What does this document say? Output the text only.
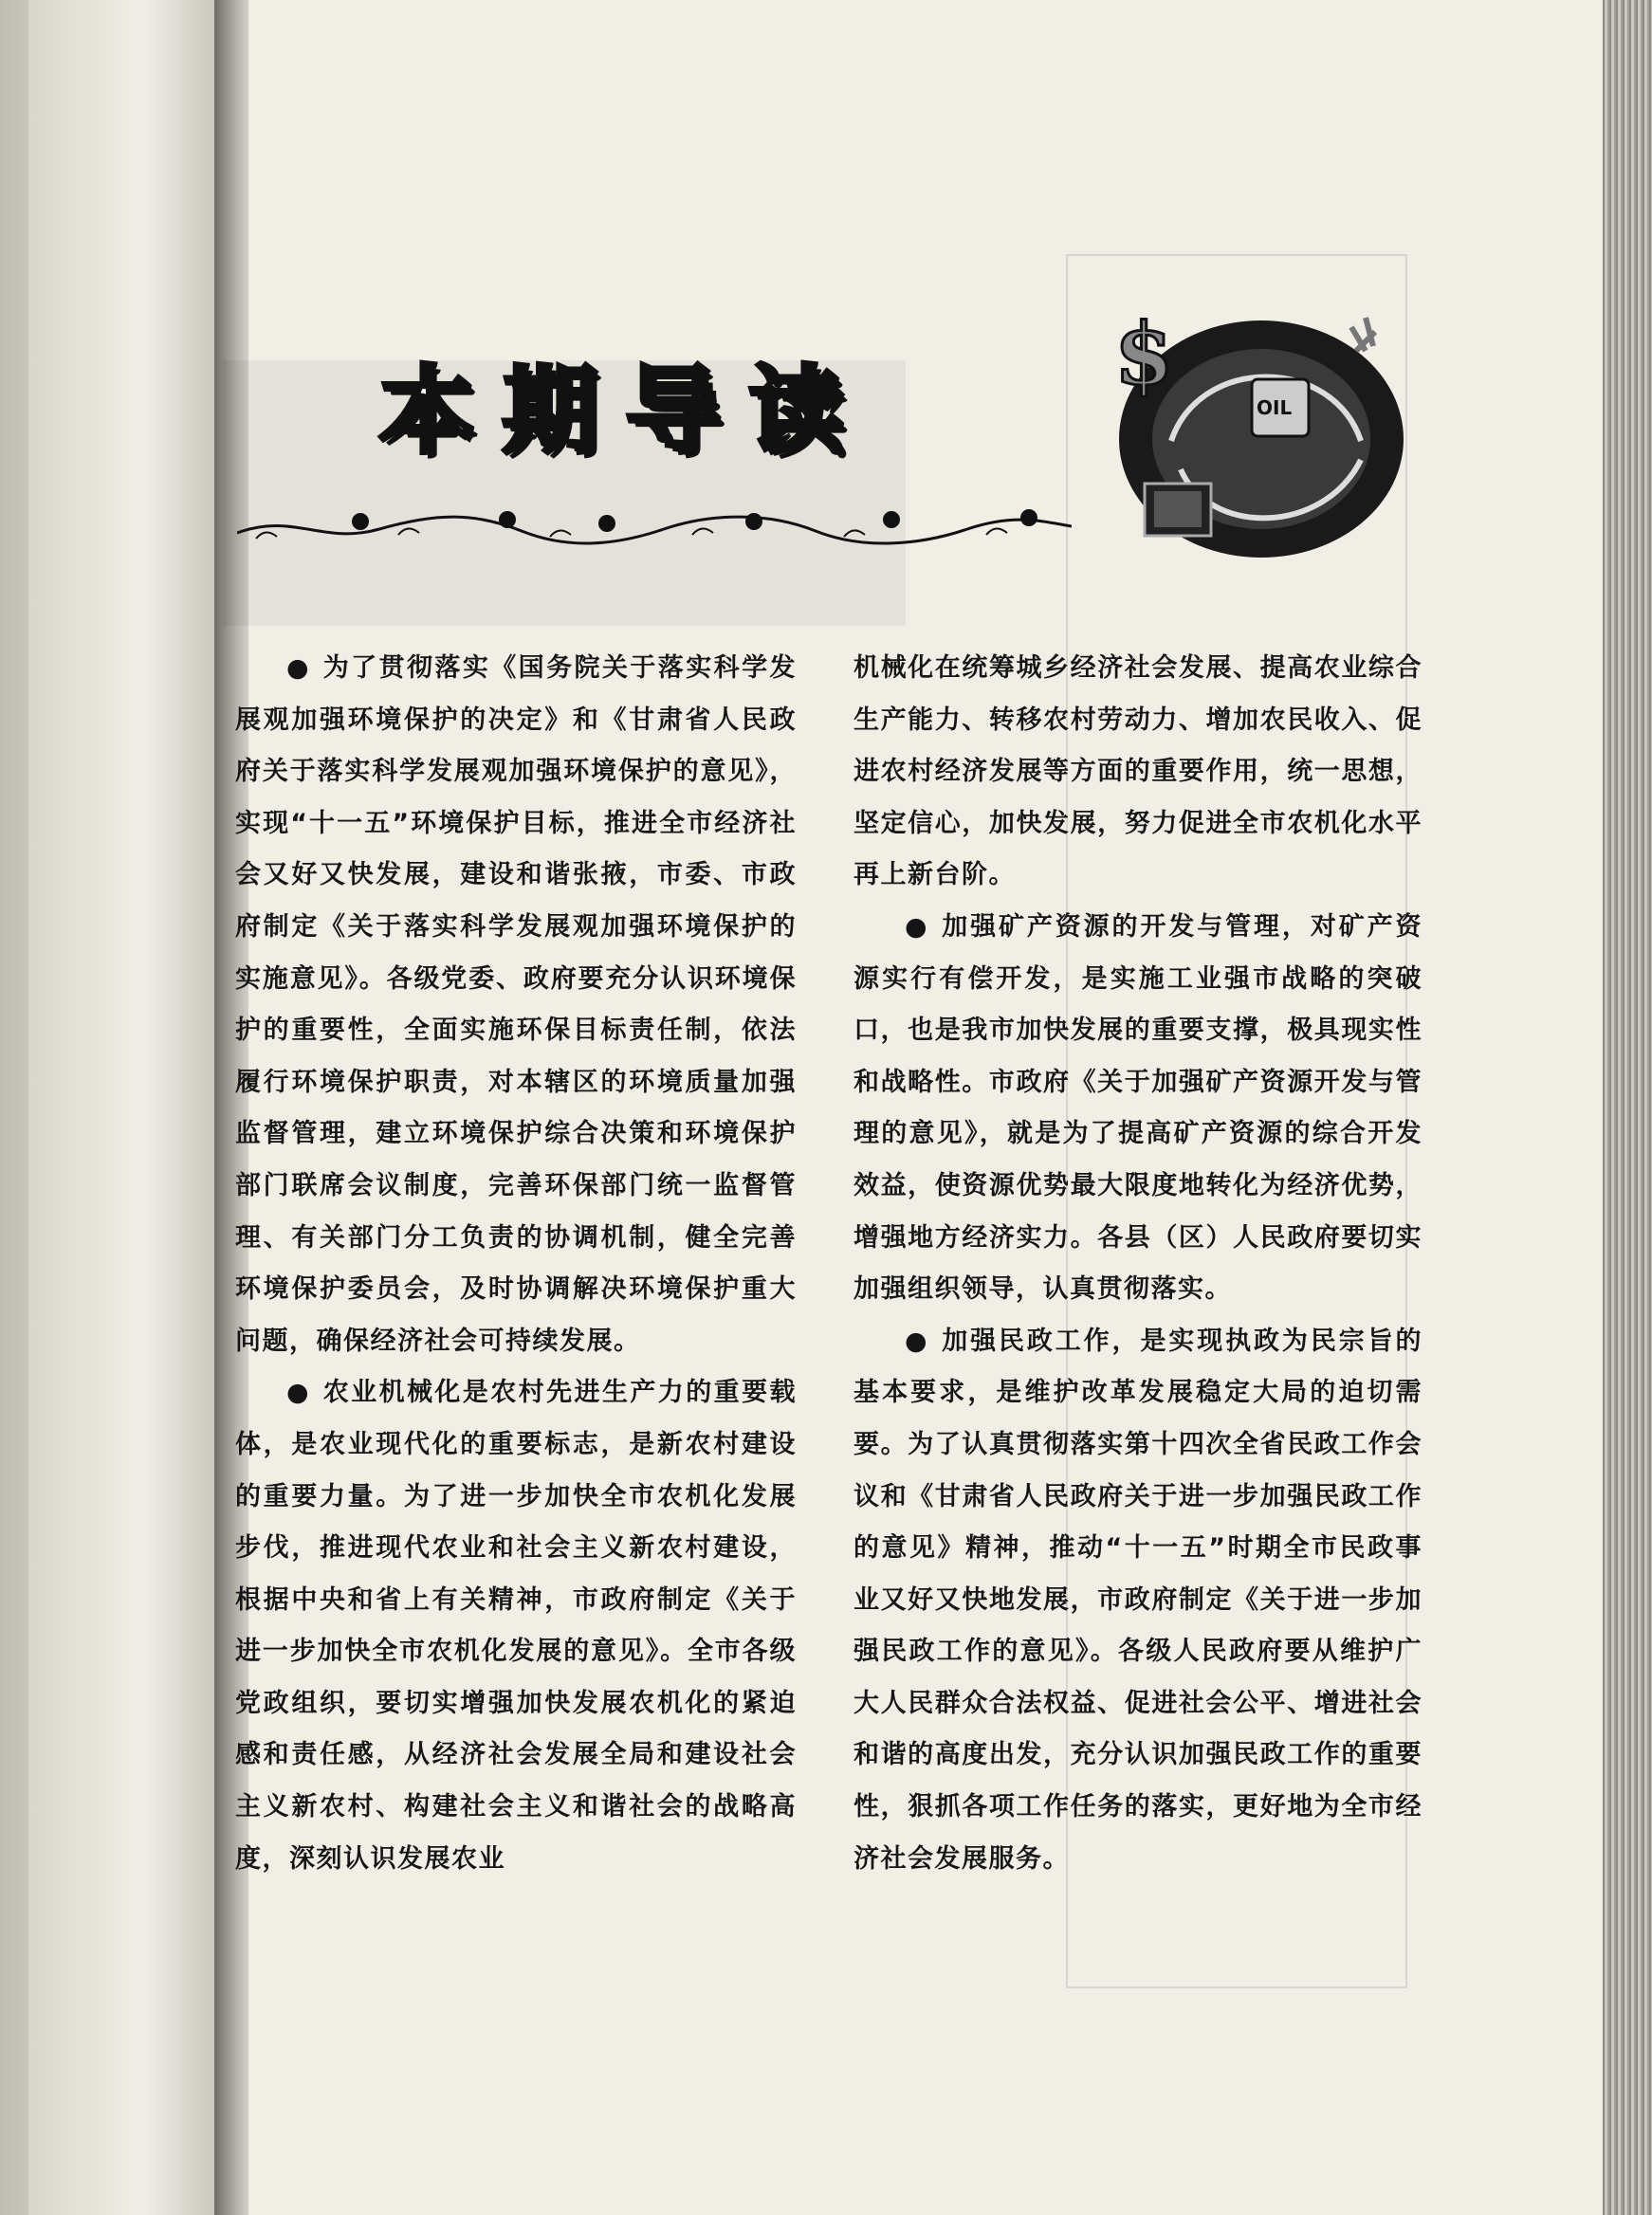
本 期 导 读
$
OIL

● 为了贯彻落实《国务院关于落实科学发展观加强环境保护的决定》和《甘肃省人民政府关于落实科学发展观加强环境保护的意见》，实现“十一五”环境保护目标，推进全市经济社会又好又快发展，建设和谐张掖，市委、市政府制定《关于落实科学发展观加强环境保护的实施意见》。各级党委、政府要充分认识环境保护的重要性，全面实施环保目标责任制，依法履行环境保护职责，对本辖区的环境质量加强监督管理，建立环境保护综合决策和环境保护部门联席会议制度，完善环保部门统一监督管理、有关部门分工负责的协调机制，健全完善环境保护委员会，及时协调解决环境保护重大问题，确保经济社会可持续发展。

● 农业机械化是农村先进生产力的重要载体，是农业现代化的重要标志，是新农村建设的重要力量。为了进一步加快全市农机化发展步伐，推进现代农业和社会主义新农村建设，根据中央和省上有关精神，市政府制定《关于进一步加快全市农机化发展的意见》。全市各级党政组织，要切实增强加快发展农机化的紧迫感和责任感，从经济社会发展全局和建设社会主义新农村、构建社会主义和谐社会的战略高度，深刻认识发展农业

机械化在统筹城乡经济社会发展、提高农业综合生产能力、转移农村劳动力、增加农民收入、促进农村经济发展等方面的重要作用，统一思想，坚定信心，加快发展，努力促进全市农机化水平再上新台阶。

● 加强矿产资源的开发与管理，对矿产资源实行有偿开发，是实施工业强市战略的突破口，也是我市加快发展的重要支撑，极具现实性和战略性。市政府《关于加强矿产资源开发与管理的意见》，就是为了提高矿产资源的综合开发效益，使资源优势最大限度地转化为经济优势，增强地方经济实力。各县（区）人民政府要切实加强组织领导，认真贯彻落实。

● 加强民政工作，是实现执政为民宗旨的基本要求，是维护改革发展稳定大局的迫切需要。为了认真贯彻落实第十四次全省民政工作会议和《甘肃省人民政府关于进一步加强民政工作的意见》精神，推动“十一五”时期全市民政事业又好又快地发展，市政府制定《关于进一步加强民政工作的意见》。各级人民政府要从维护广大人民群众合法权益、促进社会公平、增进社会和谐的高度出发，充分认识加强民政工作的重要性，狠抓各项工作任务的落实，更好地为全市经济社会发展服务。
